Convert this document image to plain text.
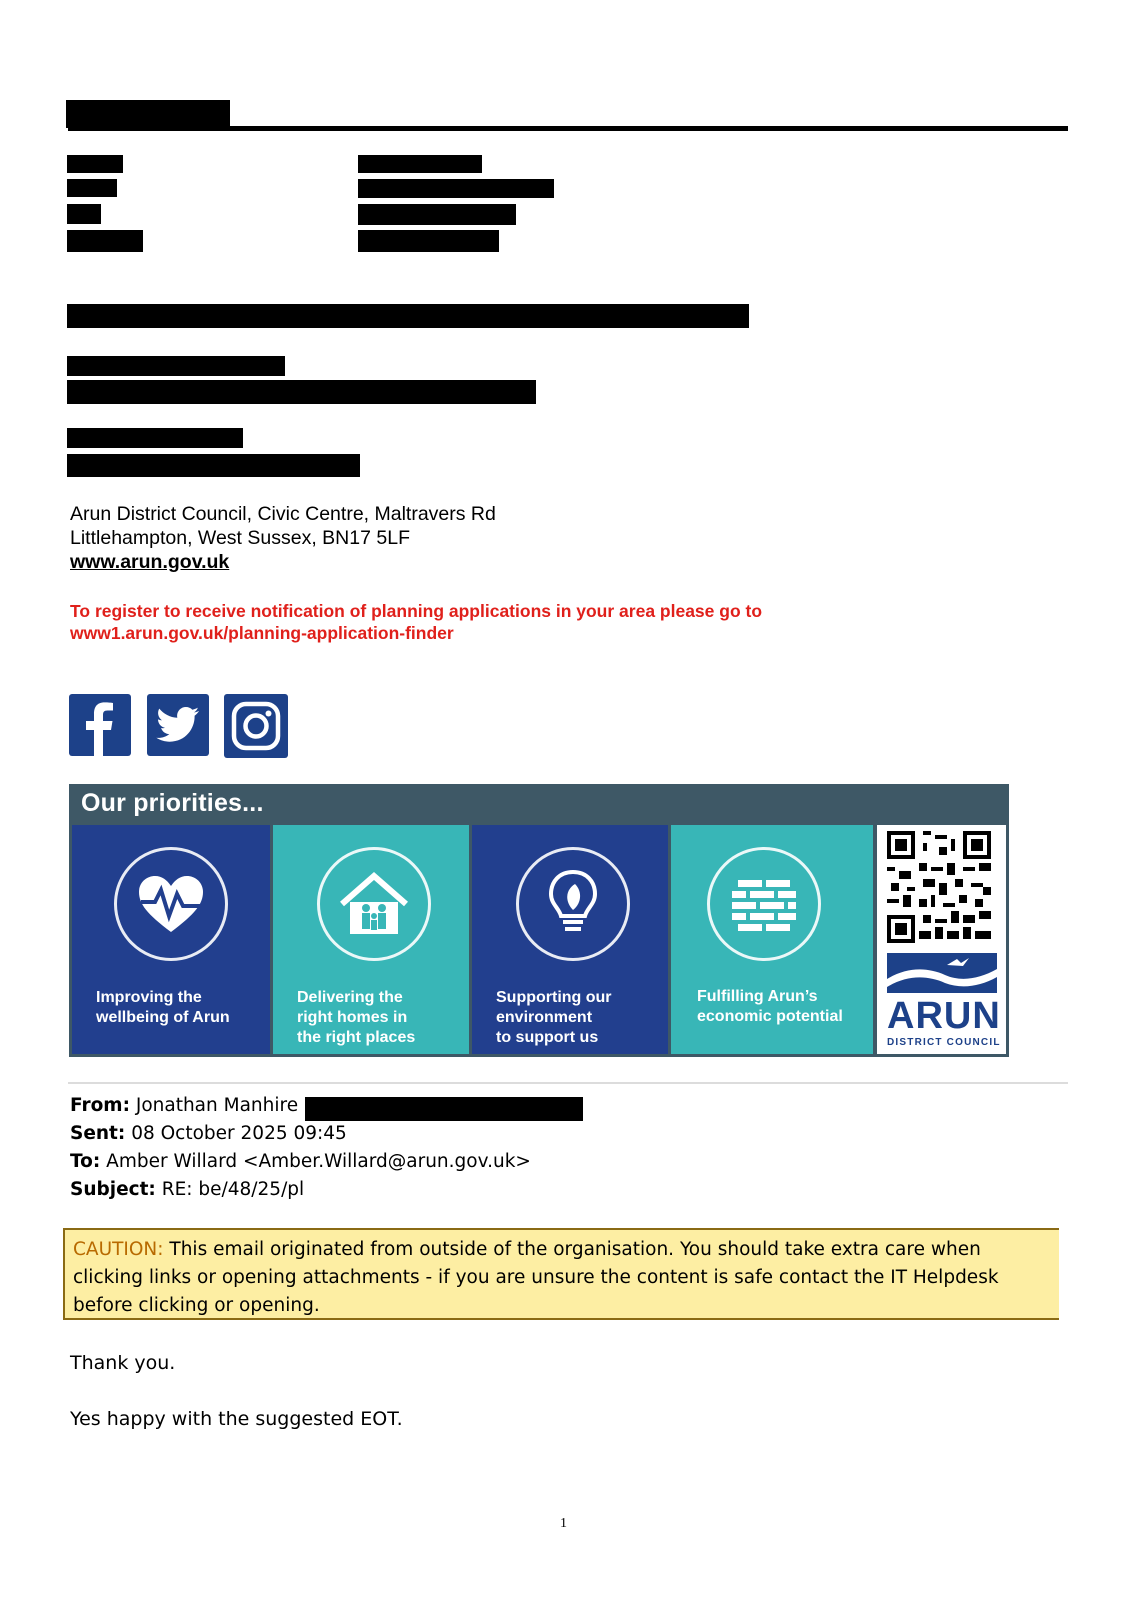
Arun District Council, Civic Centre, Maltravers Rd
Littlehampton, West Sussex, BN17 5LF
www.arun.gov.uk
To register to receive notification of planning applications in your area please go to
www1.arun.gov.uk/planning-application-finder
Our priorities...
Improving the
wellbeing of Arun
Delivering the
right homes in
the right places
Supporting our
environment
to support us
Fulfilling Arun’s
economic potential ARUN
DISTRICT COUNCIL
From: Jonathan Manhire
Sent: 08 October 2025 09:45
To: Amber Willard <Amber.Willard@arun.gov.uk>
Subject: RE: be/48/25/pl
CAUTION: This email originated from outside of the organisation. You should take extra care when clicking links or opening attachments - if you are unsure the content is safe contact the IT Helpdesk before clicking or opening.
Thank you.
Yes happy with the suggested EOT.
1
